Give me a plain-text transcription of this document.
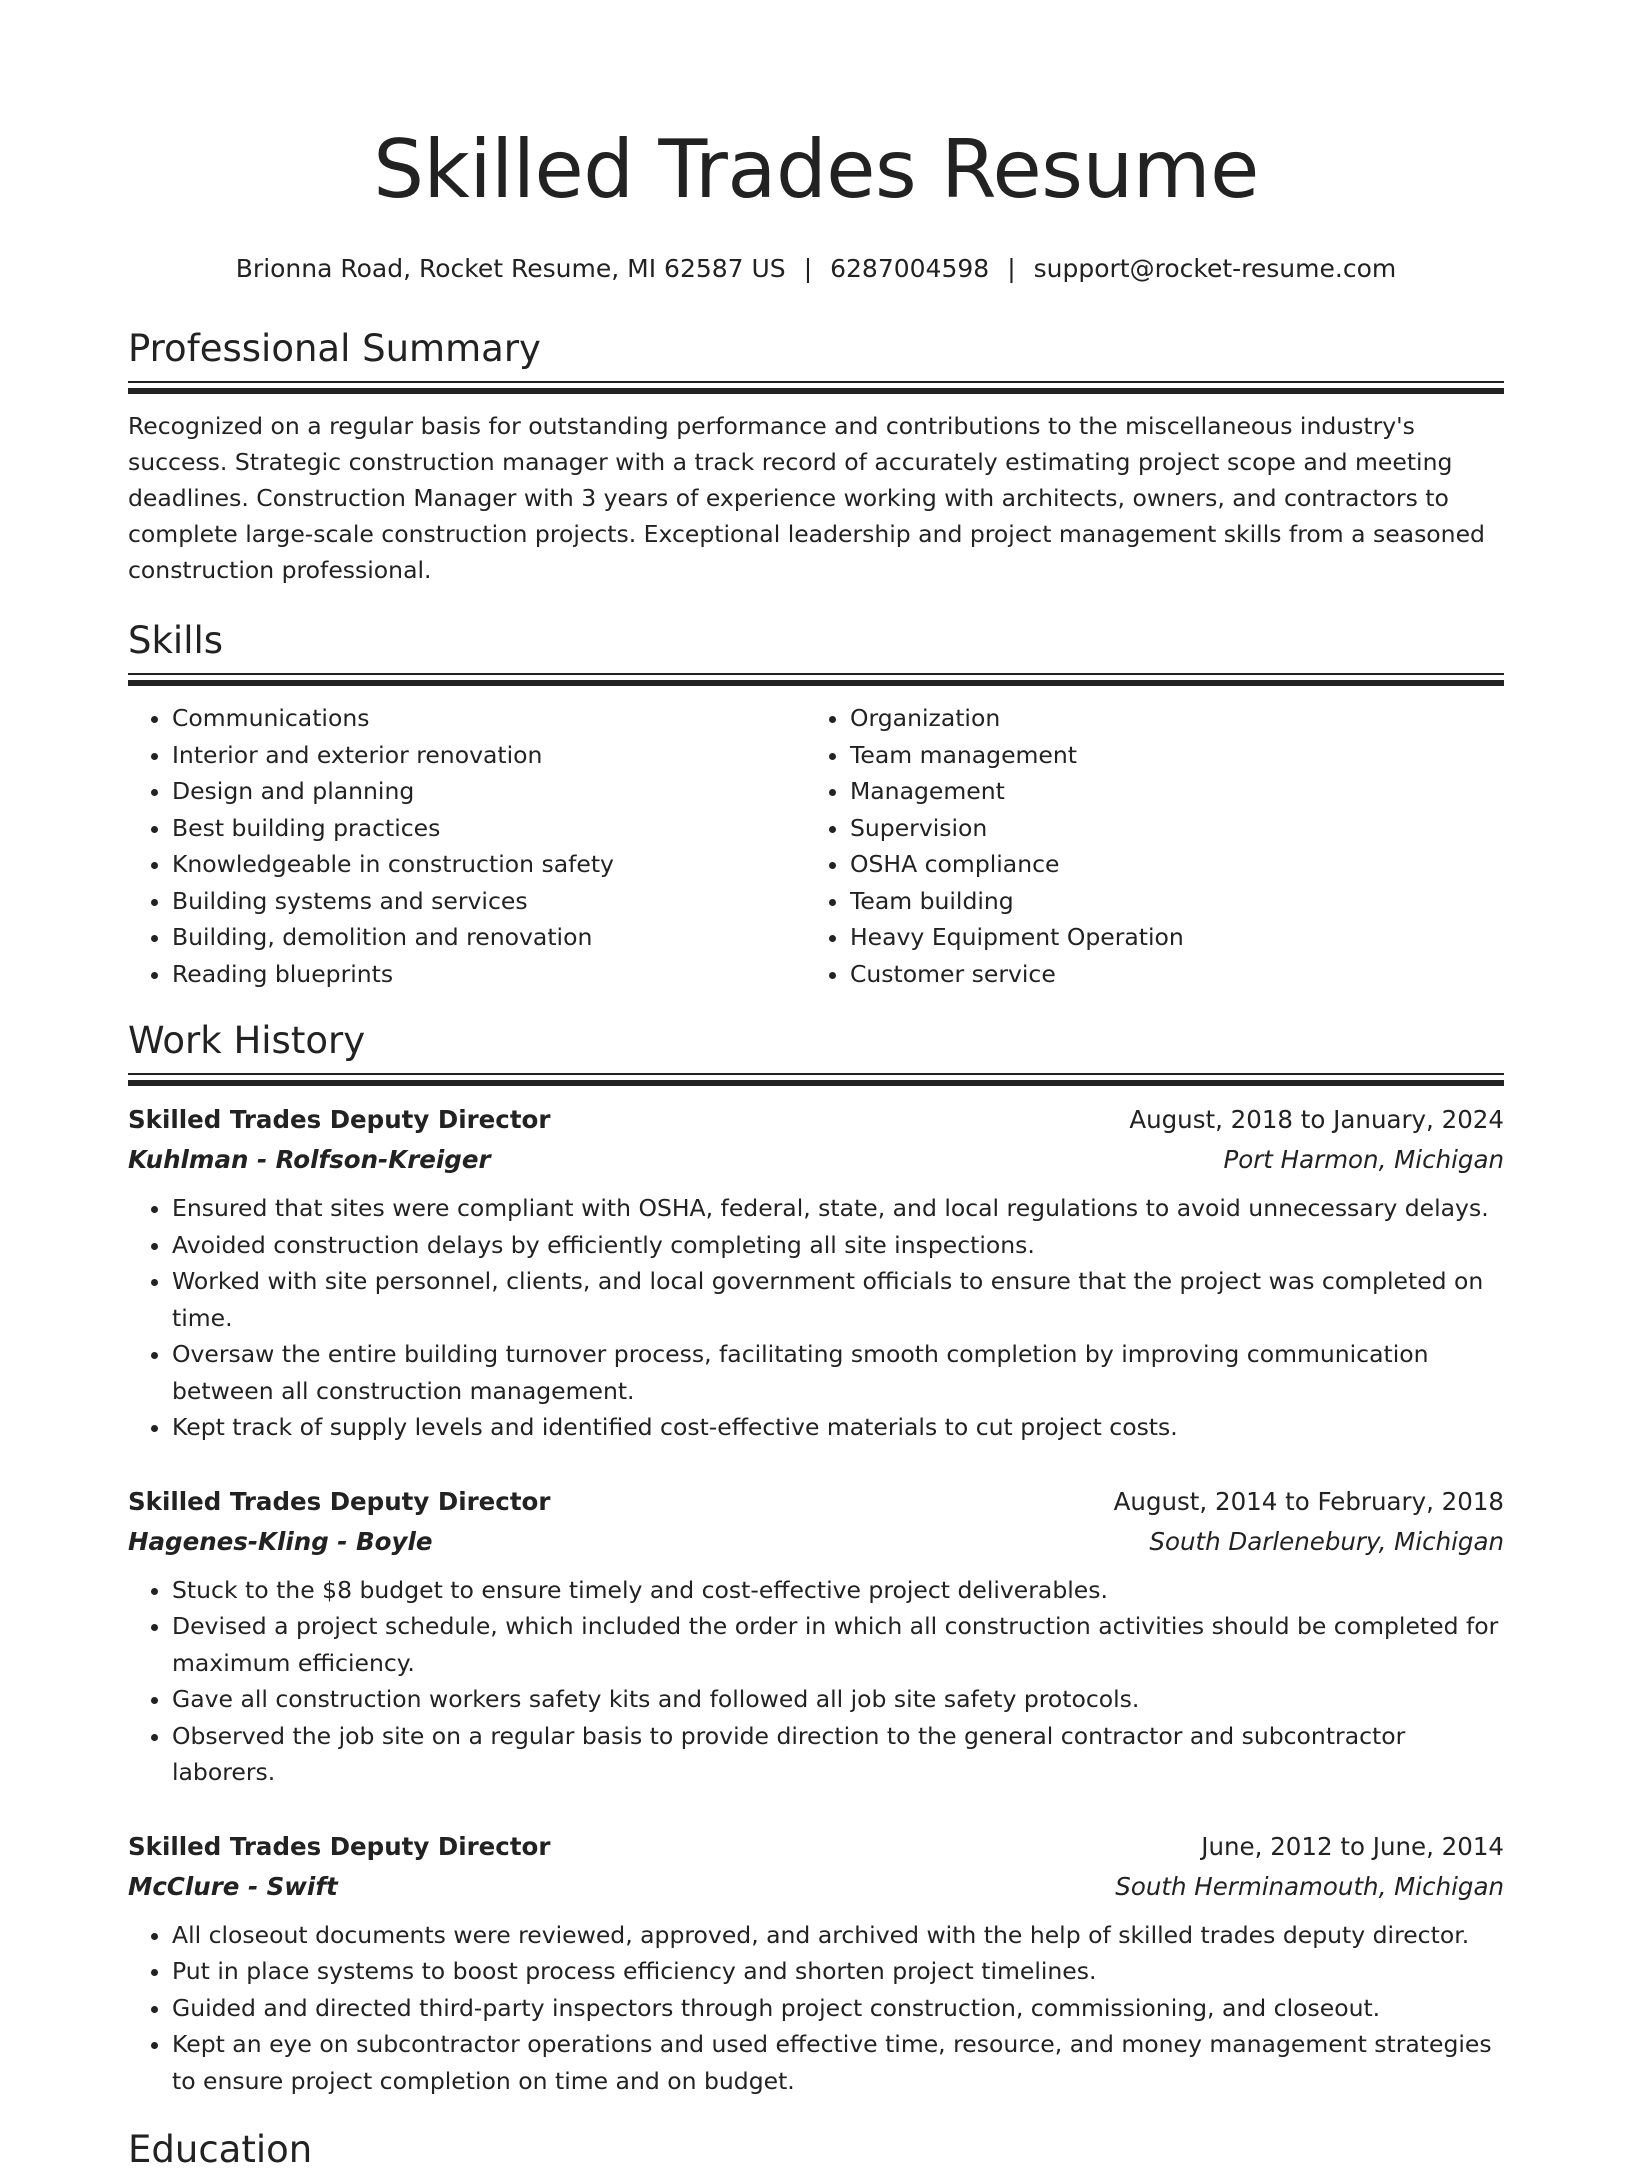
Skilled Trades Resume
Brionna Road, Rocket Resume, MI 62587 US | 6287004598 | support@rocket-resume.com
Professional Summary

Recognized on a regular basis for outstanding performance and contributions to the miscellaneous industry's success. Strategic construction manager with a track record of accurately estimating project scope and meeting deadlines. Construction Manager with 3 years of experience working with architects, owners, and contractors to complete large-scale construction projects. Exceptional leadership and project management skills from a seasoned construction professional.

Skills
• Communications
• Interior and exterior renovation
• Design and planning
• Best building practices
• Knowledgeable in construction safety
• Building systems and services
• Building, demolition and renovation
• Reading blueprints
• Organization
• Team management
• Management
• Supervision
• OSHA compliance
• Team building
• Heavy Equipment Operation
• Customer service
Work History
Skilled Trades Deputy Director	August, 2018 to January, 2024
Kuhlman - Rolfson-Kreiger	Port Harmon, Michigan
• Ensured that sites were compliant with OSHA, federal, state, and local regulations to avoid unnecessary delays.
• Avoided construction delays by efficiently completing all site inspections.
• Worked with site personnel, clients, and local government officials to ensure that the project was completed on time.
• Oversaw the entire building turnover process, facilitating smooth completion by improving communication between all construction management.
• Kept track of supply levels and identified cost-effective materials to cut project costs.
Skilled Trades Deputy Director	August, 2014 to February, 2018
Hagenes-Kling - Boyle	South Darlenebury, Michigan
• Stuck to the $8 budget to ensure timely and cost-effective project deliverables.
• Devised a project schedule, which included the order in which all construction activities should be completed for maximum efficiency.
• Gave all construction workers safety kits and followed all job site safety protocols.
• Observed the job site on a regular basis to provide direction to the general contractor and subcontractor laborers.
Skilled Trades Deputy Director	June, 2012 to June, 2014
McClure - Swift	South Herminamouth, Michigan
• All closeout documents were reviewed, approved, and archived with the help of skilled trades deputy director.
• Put in place systems to boost process efficiency and shorten project timelines.
• Guided and directed third-party inspectors through project construction, commissioning, and closeout.
• Kept an eye on subcontractor operations and used effective time, resource, and money management strategies to ensure project completion on time and on budget.
Education
